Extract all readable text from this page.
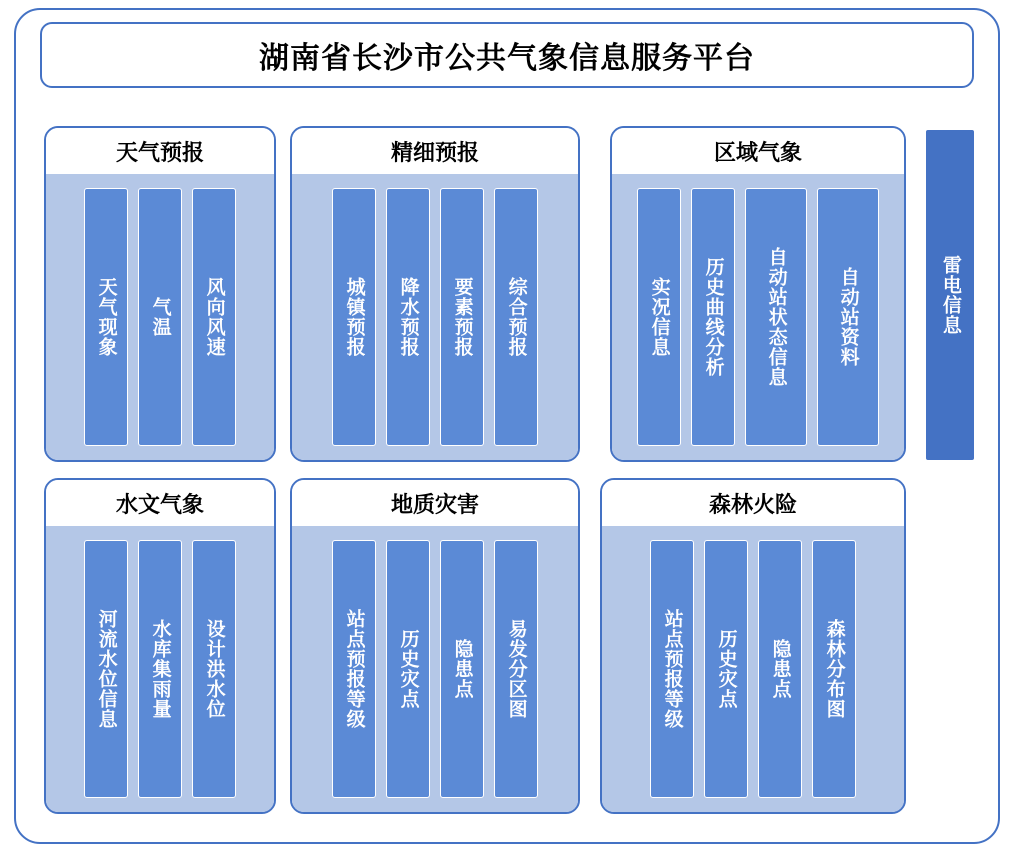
湖南省长沙市公共气象信息服务平台
天气预报
天气现象 气温 风向风速
精细预报
城镇预报 降水预报 要素预报 综合预报
区域气象
实况信息 历史曲线分析 自动站状态信息	自动站资料
水文气象
河流水位信息 水库集雨量 设计洪水位
地质灾害
站点预报等级 历史灾点 隐患点 易发分区图
森林火险
站点预报等级 历史灾点 隐患点 森林分布图
雷电信息
